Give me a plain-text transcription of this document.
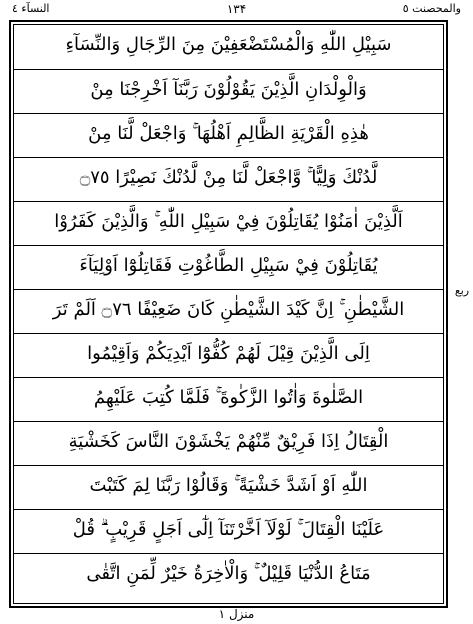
والمحصنت ٥
۱۳۴
النسآء ٤
سَبِيْلِ اللّٰهِ وَالْمُسْتَضْعَفِيْنَ مِنَ الرِّجَالِ وَالنِّسَآءِ
وَالْوِلْدَانِ الَّذِيْنَ يَقُوْلُوْنَ رَبَّنَآ اَخْرِجْنَا مِنْ
هٰذِهِ الْقَرْيَةِ الظَّالِمِ اَهْلُهَا ۚ وَاجْعَلْ لَّنَا مِنْ
لَّدُنْكَ وَلِيًّا ۚ وَّاجْعَلْ لَّنَا مِنْ لَّدُنْكَ نَصِيْرًا ۝٧٥
اَلَّذِيْنَ اٰمَنُوْا يُقَاتِلُوْنَ فِيْ سَبِيْلِ اللّٰهِ ۚ وَالَّذِيْنَ كَفَرُوْا
يُقَاتِلُوْنَ فِيْ سَبِيْلِ الطَّاغُوْتِ فَقَاتِلُوْٓا اَوْلِيَآءَ
الشَّيْطٰنِ ۚ اِنَّ كَيْدَ الشَّيْطٰنِ كَانَ ضَعِيْفًا ۝٧٦ اَلَمْ تَرَ
اِلَى الَّذِيْنَ قِيْلَ لَهُمْ كُفُّوْٓا اَيْدِيَكُمْ وَاَقِيْمُوا
الصَّلٰوةَ وَاٰتُوا الزَّكٰوةَ ۚ فَلَمَّا كُتِبَ عَلَيْهِمُ
الْقِتَالُ اِذَا فَرِيْقٌ مِّنْهُمْ يَخْشَوْنَ النَّاسَ كَخَشْيَةِ
اللّٰهِ اَوْ اَشَدَّ خَشْيَةً ۚ وَقَالُوْا رَبَّنَا لِمَ كَتَبْتَ
عَلَيْنَا الْقِتَالَ ۚ لَوْلَآ اَخَّرْتَنَآ اِلٰٓى اَجَلٍ قَرِيْبٍ ۗ قُلْ
مَتَاعُ الدُّنْيَا قَلِيْلٌ ۚ وَالْاٰخِرَةُ خَيْرٌ لِّمَنِ اتَّقٰى
ربع
منزل ١
